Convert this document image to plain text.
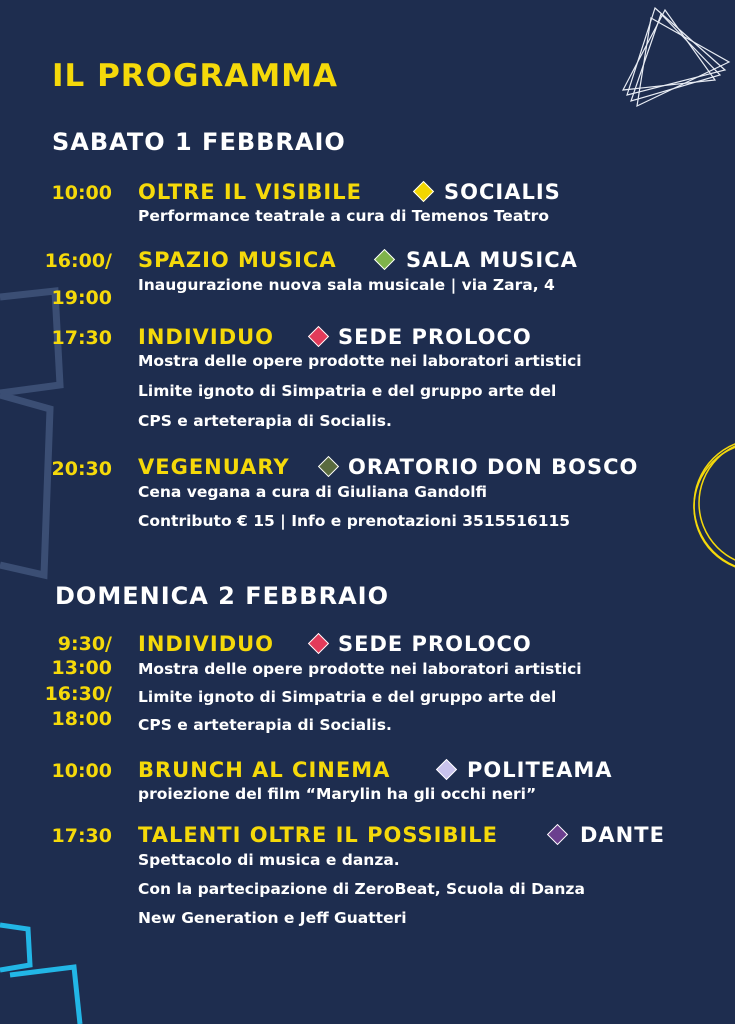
IL PROGRAMMA
SABATO 1 FEBBRAIO
10:00 OLTRE IL VISIBILE	SOCIALIS
Performance teatrale a cura di Temenos Teatro
16:00/
19:00
SPAZIO MUSICA	SALA MUSICA
Inaugurazione nuova sala musicale | via Zara, 4
17:30 INDIVIDUO	SEDE PROLOCO
Mostra delle opere prodotte nei laboratori artistici
Limite ignoto di Simpatria e del gruppo arte del
CPS e arteterapia di Socialis.
20:30 VEGENUARY	ORATORIO DON BOSCO
Cena vegana a cura di Giuliana Gandolfi
Contributo € 15 | Info e prenotazioni 3515516115
DOMENICA 2 FEBBRAIO
9:30/
13:00
16:30/
18:00
INDIVIDUO	SEDE PROLOCO
Mostra delle opere prodotte nei laboratori artistici
Limite ignoto di Simpatria e del gruppo arte del
CPS e arteterapia di Socialis.
10:00 BRUNCH AL CINEMA	POLITEAMA
proiezione del film “Marylin ha gli occhi neri”
17:30 TALENTI OLTRE IL POSSIBILE	DANTE
Spettacolo di musica e danza.
Con la partecipazione di ZeroBeat, Scuola di Danza
New Generation e Jeff Guatteri
